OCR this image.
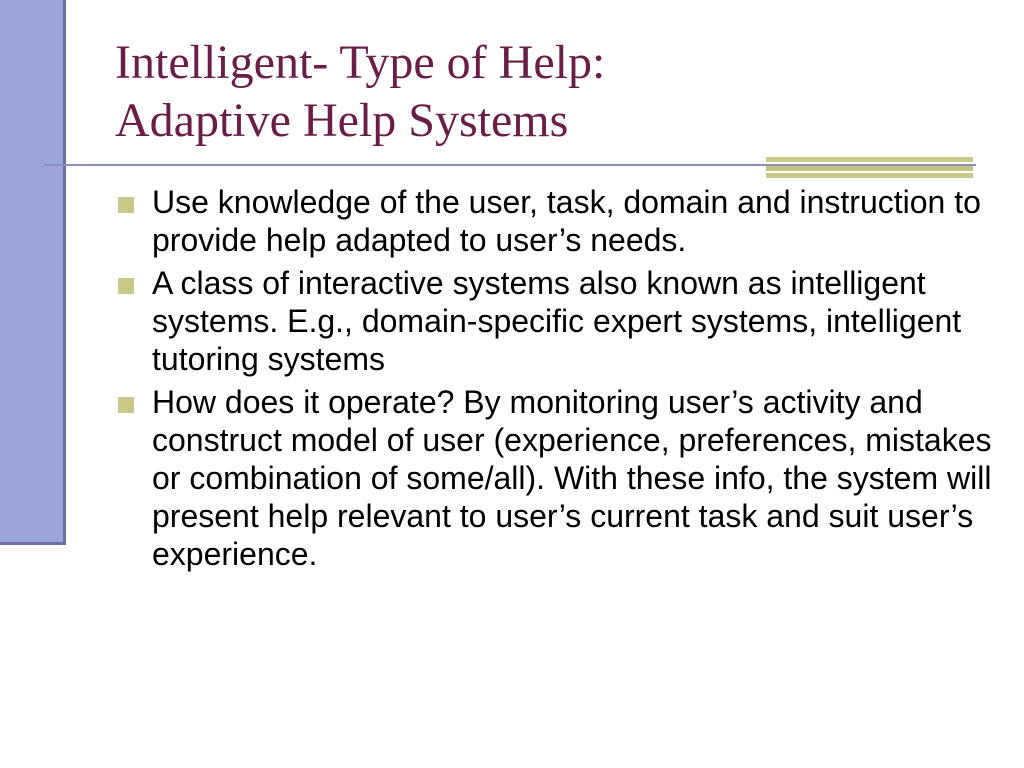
Intelligent- Type of Help:
Adaptive Help Systems
Use knowledge of the user, task, domain and instruction to provide help adapted to user’s needs.
A class of interactive systems also known as intelligent systems. E.g., domain-specific expert systems, intelligent tutoring systems
How does it operate? By monitoring user’s activity and construct model of user (experience, preferences, mistakes or combination of some/all). With these info, the system will present help relevant to user’s current task and suit user’s experience.
